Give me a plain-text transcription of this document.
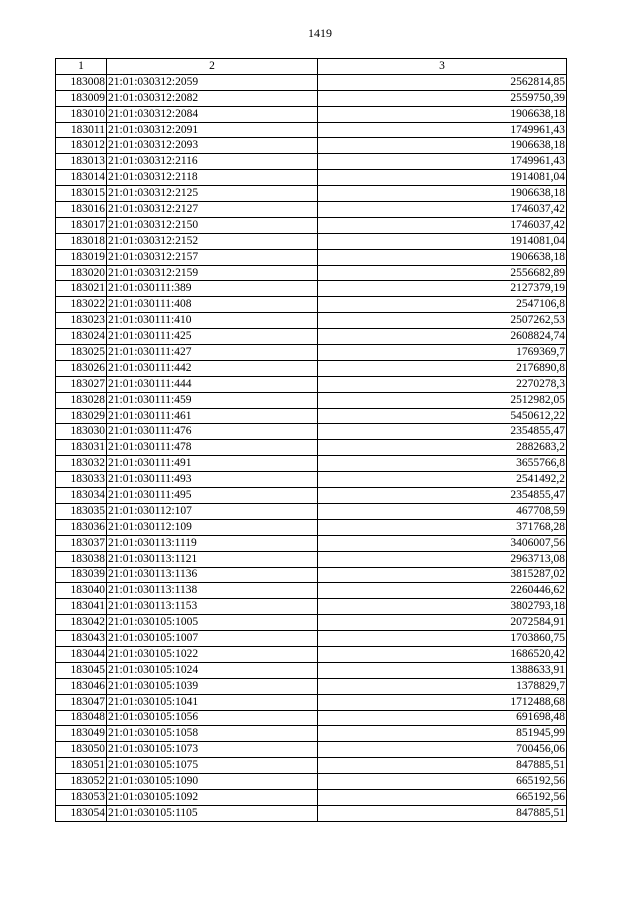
1419
1	2	3
183008	21:01:030312:2059	2562814,85
183009	21:01:030312:2082	2559750,39
183010	21:01:030312:2084	1906638,18
183011	21:01:030312:2091	1749961,43
183012	21:01:030312:2093	1906638,18
183013	21:01:030312:2116	1749961,43
183014	21:01:030312:2118	1914081,04
183015	21:01:030312:2125	1906638,18
183016	21:01:030312:2127	1746037,42
183017	21:01:030312:2150	1746037,42
183018	21:01:030312:2152	1914081,04
183019	21:01:030312:2157	1906638,18
183020	21:01:030312:2159	2556682,89
183021	21:01:030111:389	2127379,19
183022	21:01:030111:408	2547106,8
183023	21:01:030111:410	2507262,53
183024	21:01:030111:425	2608824,74
183025	21:01:030111:427	1769369,7
183026	21:01:030111:442	2176890,8
183027	21:01:030111:444	2270278,3
183028	21:01:030111:459	2512982,05
183029	21:01:030111:461	5450612,22
183030	21:01:030111:476	2354855,47
183031	21:01:030111:478	2882683,2
183032	21:01:030111:491	3655766,8
183033	21:01:030111:493	2541492,2
183034	21:01:030111:495	2354855,47
183035	21:01:030112:107	467708,59
183036	21:01:030112:109	371768,28
183037	21:01:030113:1119	3406007,56
183038	21:01:030113:1121	2963713,08
183039	21:01:030113:1136	3815287,02
183040	21:01:030113:1138	2260446,62
183041	21:01:030113:1153	3802793,18
183042	21:01:030105:1005	2072584,91
183043	21:01:030105:1007	1703860,75
183044	21:01:030105:1022	1686520,42
183045	21:01:030105:1024	1388633,91
183046	21:01:030105:1039	1378829,7
183047	21:01:030105:1041	1712488,68
183048	21:01:030105:1056	691698,48
183049	21:01:030105:1058	851945,99
183050	21:01:030105:1073	700456,06
183051	21:01:030105:1075	847885,51
183052	21:01:030105:1090	665192,56
183053	21:01:030105:1092	665192,56
183054	21:01:030105:1105	847885,51
